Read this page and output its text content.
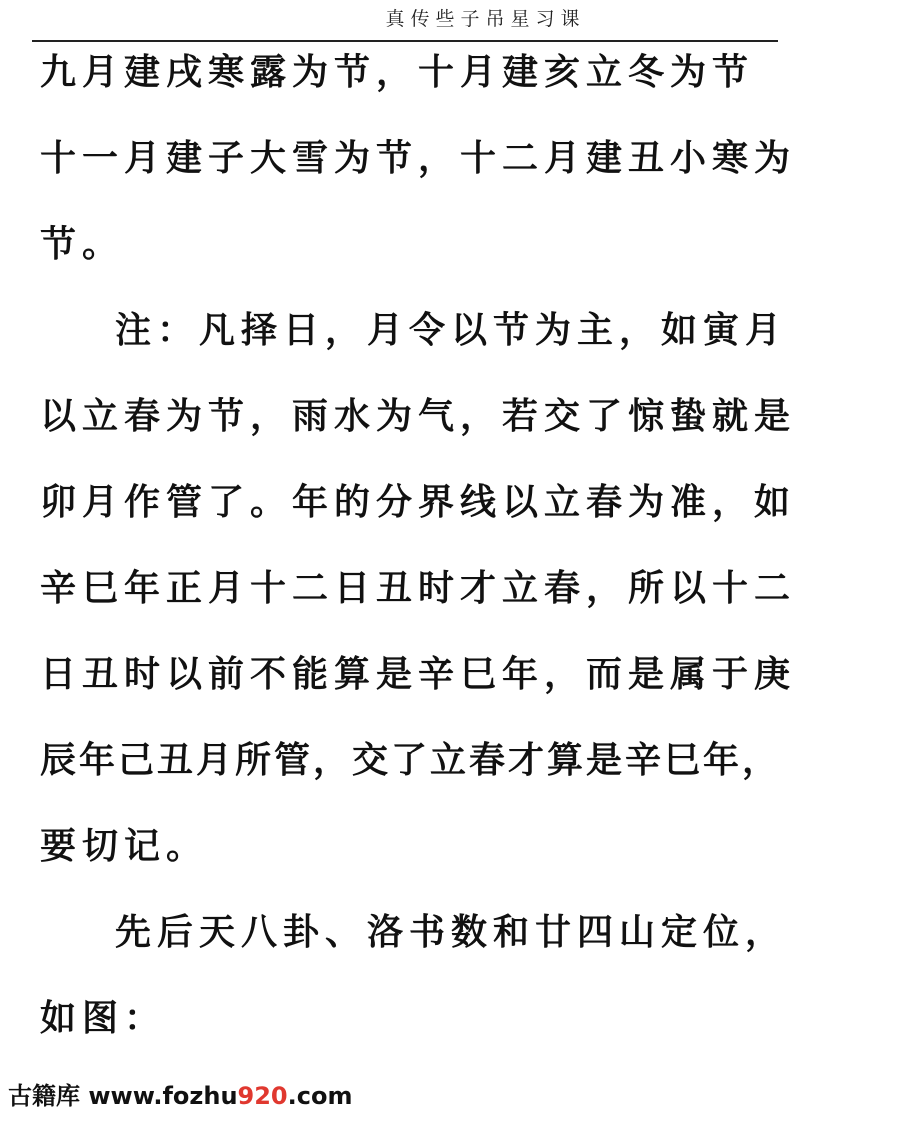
真传些子吊星习课
九月建戌寒露为节，十月建亥立冬为节
十一月建子大雪为节，十二月建丑小寒为
节。
注：凡择日，月令以节为主，如寅月
以立春为节，雨水为气，若交了惊蛰就是
卯月作管了。年的分界线以立春为准，如
辛巳年正月十二日丑时才立春，所以十二
日丑时以前不能算是辛巳年，而是属于庚
辰年己丑月所管，交了立春才算是辛巳年，
要切记。
先后天八卦、洛书数和廿四山定位，
如图：
古籍库 www.fozhu920.com
